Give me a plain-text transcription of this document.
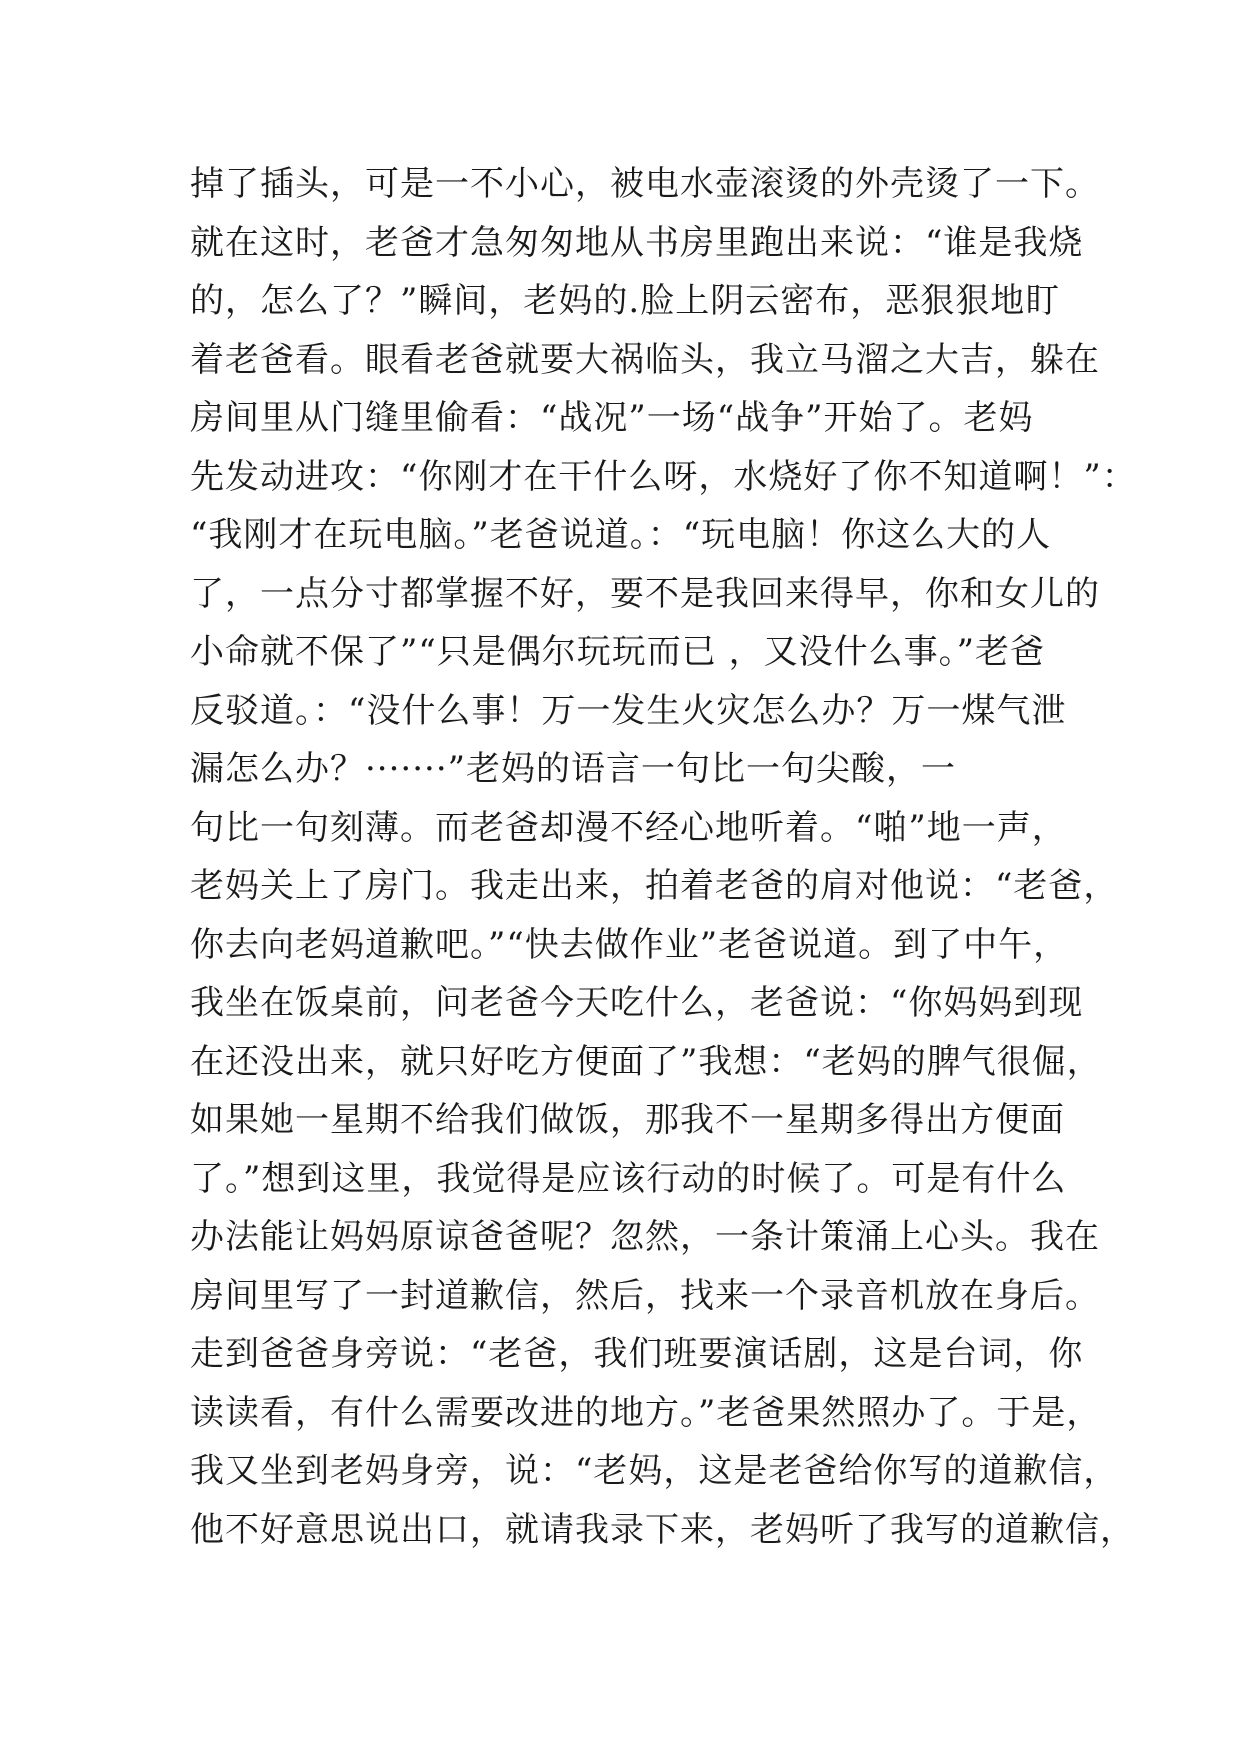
掉了插头，可是一不小心，被电水壶滚烫的外壳烫了一下。
就在这时，老爸才急匆匆地从书房里跑出来说：“谁是我烧
的，怎么了？”瞬间，老妈的.脸上阴云密布，恶狠狠地盯
着老爸看。眼看老爸就要大祸临头，我立马溜之大吉，躲在
房间里从门缝里偷看：“战况”一场“战争”开始了。老妈
先发动进攻：“你刚才在干什么呀，水烧好了你不知道啊！”：
“我刚才在玩电脑。”老爸说道。：“玩电脑！你这么大的人
了，一点分寸都掌握不好，要不是我回来得早，你和女儿的
小命就不保了”“只是偶尔玩玩而已 ，又没什么事。”老爸
反驳道。：“没什么事！万一发生火灾怎么办？万一煤气泄
漏怎么办？·······”老妈的语言一句比一句尖酸，一
句比一句刻薄。而老爸却漫不经心地听着。“啪”地一声，
老妈关上了房门。我走出来，拍着老爸的肩对他说：“老爸，
你去向老妈道歉吧。”“快去做作业”老爸说道。到了中午，
我坐在饭桌前，问老爸今天吃什么，老爸说：“你妈妈到现
在还没出来，就只好吃方便面了”我想：“老妈的脾气很倔，
如果她一星期不给我们做饭，那我不一星期多得出方便面
了。”想到这里，我觉得是应该行动的时候了。可是有什么
办法能让妈妈原谅爸爸呢？忽然，一条计策涌上心头。我在
房间里写了一封道歉信，然后，找来一个录音机放在身后。
走到爸爸身旁说：“老爸，我们班要演话剧，这是台词，你
读读看，有什么需要改进的地方。”老爸果然照办了。于是，
我又坐到老妈身旁，说：“老妈，这是老爸给你写的道歉信，
他不好意思说出口，就请我录下来，老妈听了我写的道歉信，
